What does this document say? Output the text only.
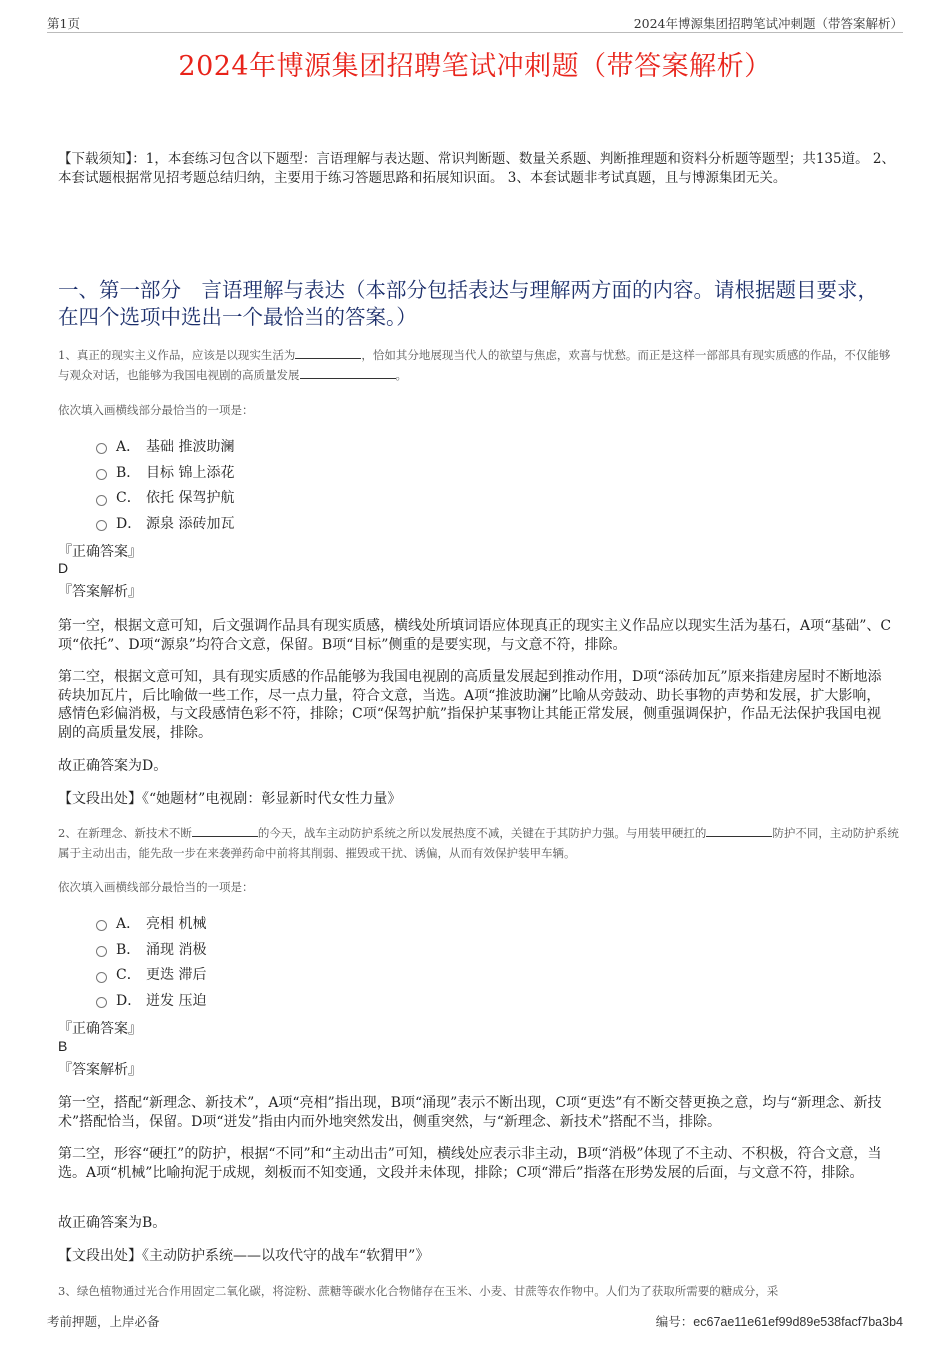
第1页	2024年博源集团招聘笔试冲刺题（带答案解析）
2024年博源集团招聘笔试冲刺题（带答案解析）
【下载须知】：1，本套练习包含以下题型：言语理解与表达题、常识判断题、数量关系题、判断推理题和资料分析题等题型；共135道。 2、本套试题根据常见招考题总结归纳，主要用于练习答题思路和拓展知识面。 3、本套试题非考试真题，且与博源集团无关。
一、第一部分　言语理解与表达（本部分包括表达与理解两方面的内容。请根据题目要求，在四个选项中选出一个最恰当的答案。）
1、真正的现实主义作品，应该是以现实生活为	，恰如其分地展现当代人的欲望与焦虑，欢喜与忧愁。而正是这样一部部具有现实质感的作品，不仅能够与观众对话，也能够为我国电视剧的高质量发展	。
依次填入画横线部分最恰当的一项是：
A． 基础 推波助澜
B． 目标 锦上添花
C． 依托 保驾护航
D． 源泉 添砖加瓦
『正确答案』
D
『答案解析』
第一空，根据文意可知，后文强调作品具有现实质感，横线处所填词语应体现真正的现实主义作品应以现实生活为基石，A项“基础”、C项“依托”、D项“源泉”均符合文意，保留。B项“目标”侧重的是要实现，与文意不符，排除。
第二空，根据文意可知，具有现实质感的作品能够为我国电视剧的高质量发展起到推动作用，D项“添砖加瓦”原来指建房屋时不断地添砖块加瓦片，后比喻做一些工作，尽一点力量，符合文意，当选。A项“推波助澜”比喻从旁鼓动、助长事物的声势和发展，扩大影响，感情色彩偏消极，与文段感情色彩不符，排除；C项“保驾护航”指保护某事物让其能正常发展，侧重强调保护，作品无法保护我国电视剧的高质量发展，排除。
故正确答案为D。
【文段出处】《“她题材”电视剧：彰显新时代女性力量》
2、在新理念、新技术不断	的今天，战车主动防护系统之所以发展热度不减，关键在于其防护力强。与用装甲硬扛的	防护不同，主动防护系统属于主动出击，能先敌一步在来袭弹药命中前将其削弱、摧毁或干扰、诱偏，从而有效保护装甲车辆。
依次填入画横线部分最恰当的一项是：
A． 亮相 机械
B． 涌现 消极
C． 更迭 滞后
D． 迸发 压迫
『正确答案』
B
『答案解析』
第一空，搭配“新理念、新技术”，A项“亮相”指出现，B项“涌现”表示不断出现，C项“更迭”有不断交替更换之意，均与“新理念、新技术”搭配恰当，保留。D项“迸发”指由内而外地突然发出，侧重突然，与“新理念、新技术”搭配不当，排除。
第二空，形容“硬扛”的防护，根据“不同”和“主动出击”可知，横线处应表示非主动，B项“消极”体现了不主动、不积极，符合文意，当选。A项“机械”比喻拘泥于成规，刻板而不知变通，文段并未体现，排除；C项“滞后”指落在形势发展的后面，与文意不符，排除。
故正确答案为B。
【文段出处】《主动防护系统——以攻代守的战车“软猬甲”》
3、绿色植物通过光合作用固定二氧化碳，将淀粉、蔗糖等碳水化合物储存在玉米、小麦、甘蔗等农作物中。人们为了获取所需要的糖成分，采
考前押题，上岸必备	编号：ec67ae11e61ef99d89e538facf7ba3b4
